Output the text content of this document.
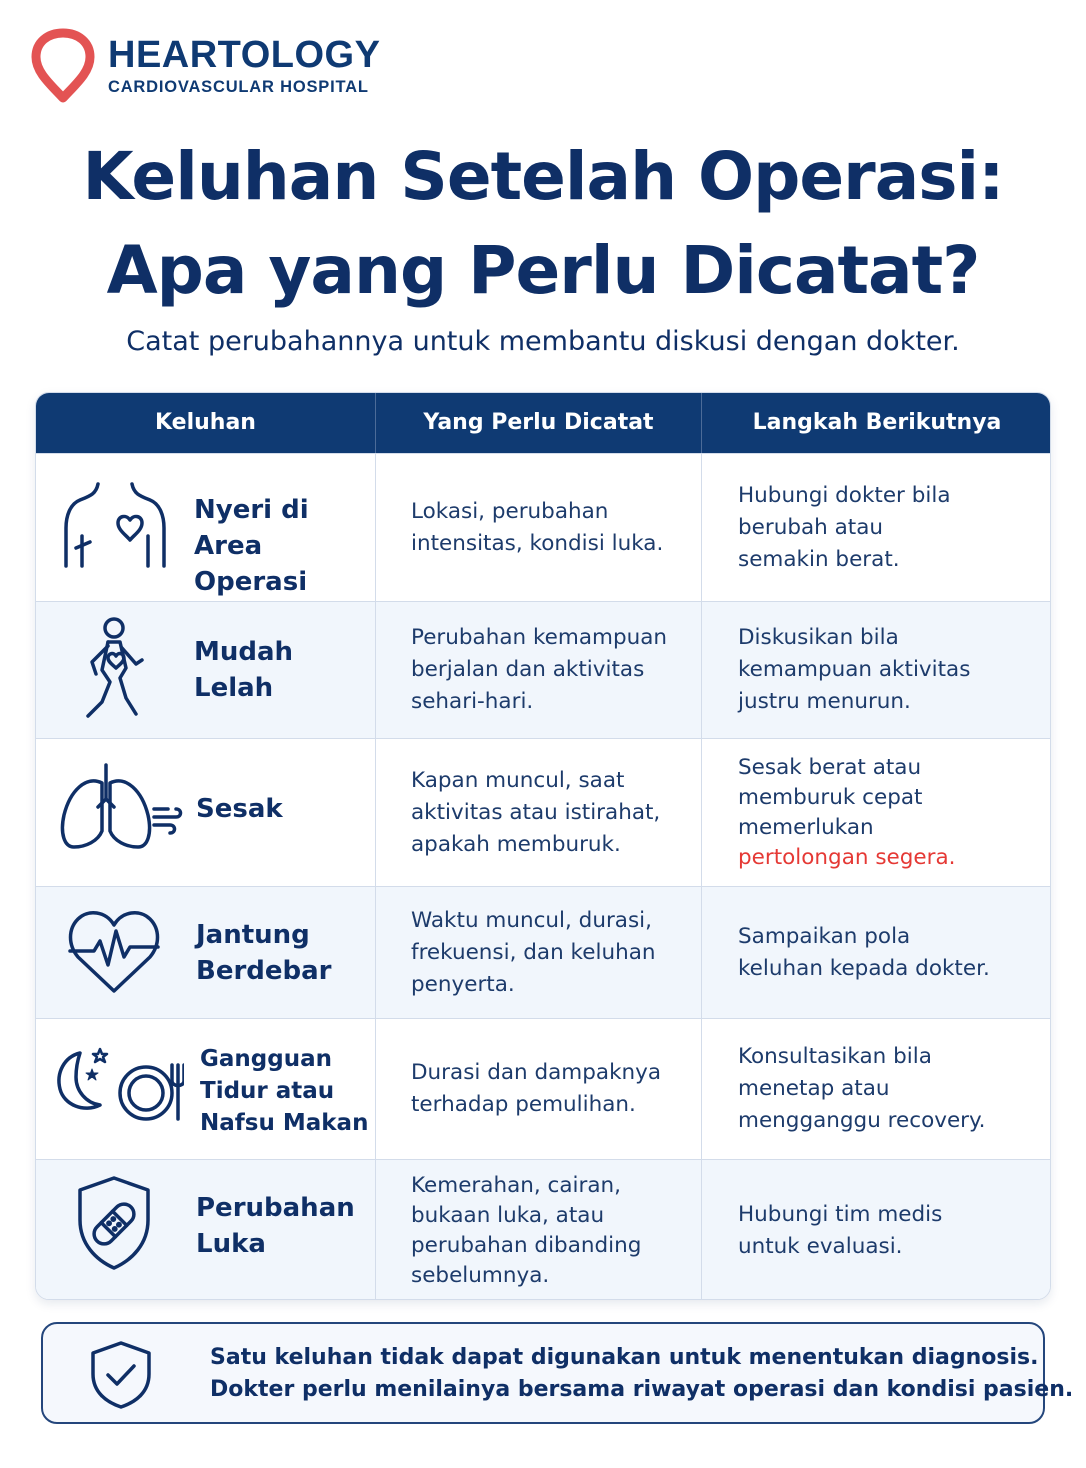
HEARTOLOGY
CARDIOVASCULAR HOSPITAL
Keluhan Setelah Operasi:
Apa yang Perlu Dicatat?
Catat perubahannya untuk membantu diskusi dengan dokter.
Keluhan	Yang Perlu Dicatat	Langkah Berikutnya
Nyeri di
Area Operasi
Lokasi, perubahan
intensitas, kondisi luka.
Hubungi dokter bila
berubah atau
semakin berat.
Mudah
Lelah
Perubahan kemampuan
berjalan dan aktivitas
sehari-hari.
Diskusikan bila
kemampuan aktivitas
justru menurun.
Sesak
Kapan muncul, saat
aktivitas atau istirahat,
apakah memburuk.
Sesak berat atau
memburuk cepat
memerlukan
pertolongan segera.
Jantung
Berdebar
Waktu muncul, durasi,
frekuensi, dan keluhan
penyerta.
Sampaikan pola
keluhan kepada dokter.
Gangguan
Tidur atau
Nafsu Makan
Durasi dan dampaknya
terhadap pemulihan.
Konsultasikan bila
menetap atau
mengganggu recovery.
Perubahan
Luka
Kemerahan, cairan,
bukaan luka, atau
perubahan dibanding
sebelumnya.
Hubungi tim medis
untuk evaluasi.
Satu keluhan tidak dapat digunakan untuk menentukan diagnosis.
Dokter perlu menilainya bersama riwayat operasi dan kondisi pasien.
